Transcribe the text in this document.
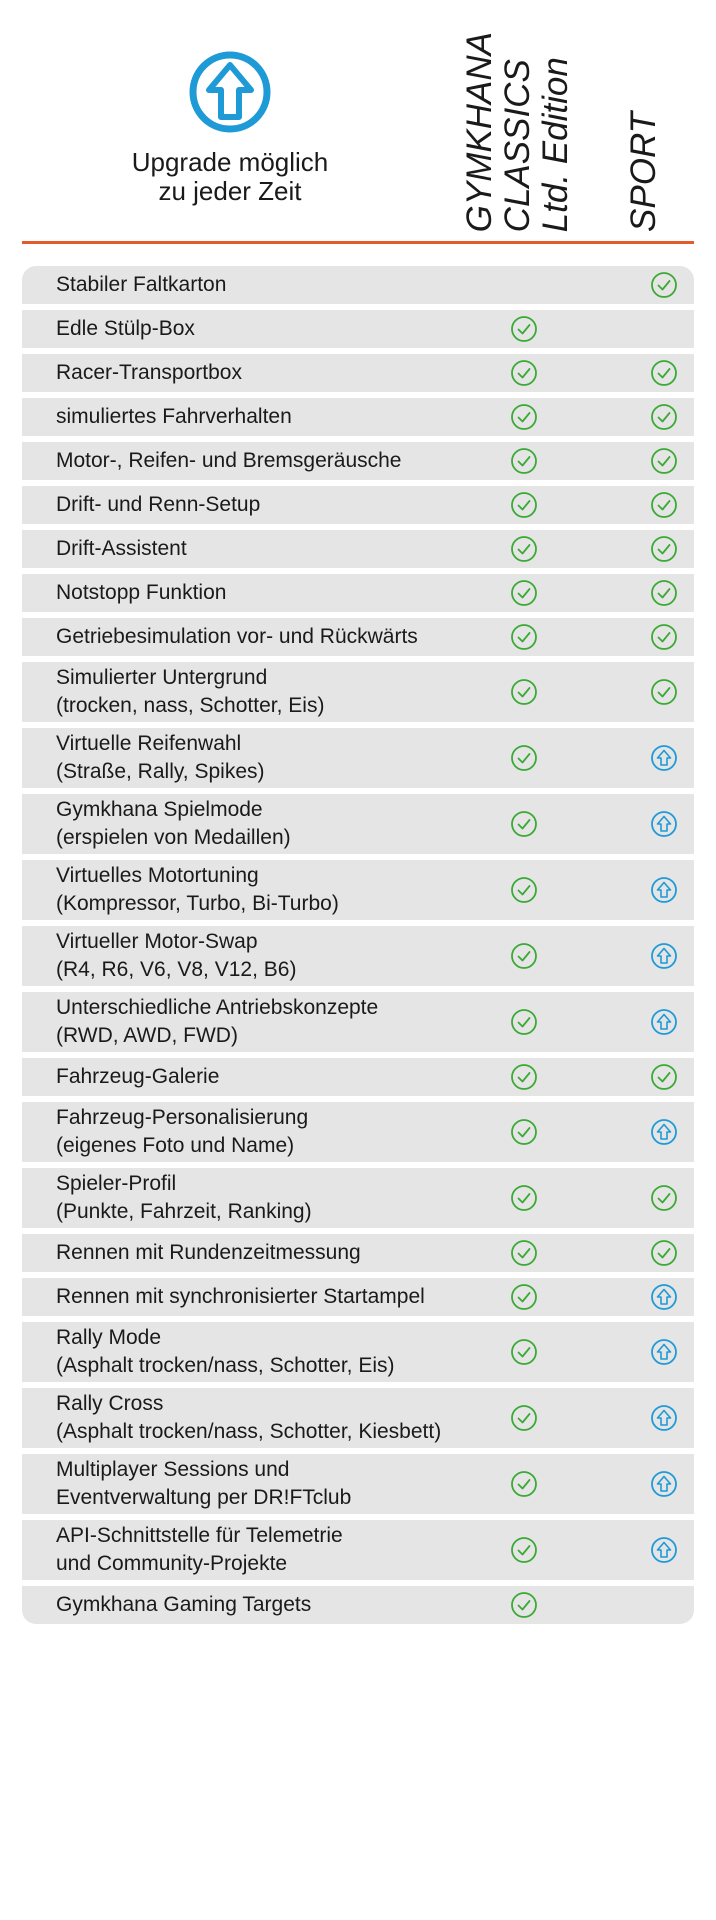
Upgrade möglich
zu jeder Zeit	GYMKHANA CLASSICS Ltd. Edition SPORT
Stabiler Faltkarton
Edle Stülp-Box
Racer-Transportbox
simuliertes Fahrverhalten
Motor-, Reifen- und Bremsgeräusche
Drift- und Renn-Setup
Drift-Assistent
Notstopp Funktion
Getriebesimulation vor- und Rückwärts
Simulierter Untergrund
(trocken, nass, Schotter, Eis)
Virtuelle Reifenwahl
(Straße, Rally, Spikes)
Gymkhana Spielmode
(erspielen von Medaillen)
Virtuelles Motortuning
(Kompressor, Turbo, Bi-Turbo)
Virtueller Motor-Swap
(R4, R6, V6, V8, V12, B6)
Unterschiedliche Antriebskonzepte
(RWD, AWD, FWD)
Fahrzeug-Galerie
Fahrzeug-Personalisierung
(eigenes Foto und Name)
Spieler-Profil
(Punkte, Fahrzeit, Ranking)
Rennen mit Rundenzeitmessung
Rennen mit synchronisierter Startampel
Rally Mode
(Asphalt trocken/nass, Schotter, Eis)
Rally Cross
(Asphalt trocken/nass, Schotter, Kiesbett)
Multiplayer Sessions und
Eventverwaltung per DR!FTclub
API-Schnittstelle für Telemetrie
und Community-Projekte
Gymkhana Gaming Targets
